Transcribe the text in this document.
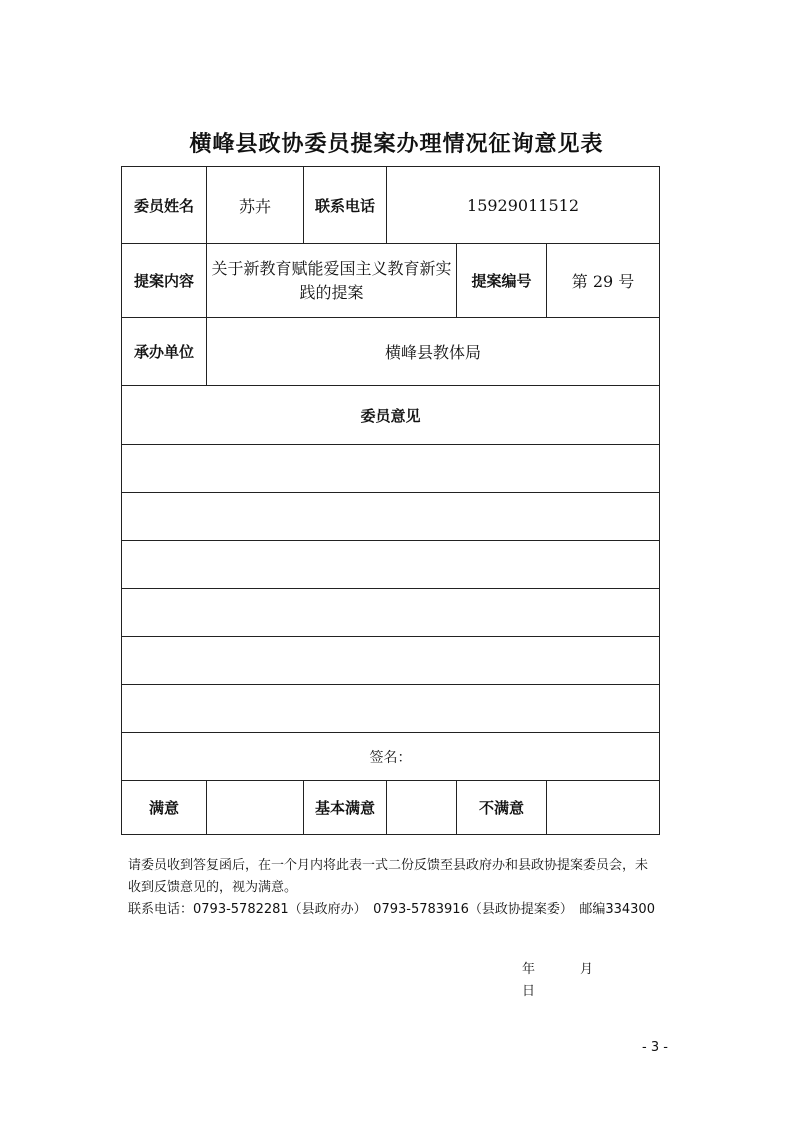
横峰县政协委员提案办理情况征询意见表
委员姓名	苏卉	联系电话	15929011512		
提案内容	关于新教育赋能爱国主义教育新实践的提案			提案编号	第 29 号
承办单位	横峰县教体局				
委员意见					

签名：					
满意		基本满意		不满意	
请委员收到答复函后，在一个月内将此表一式二份反馈至县政府办和县政协提案委员会，未收到反馈意见的，视为满意。
联系电话：0793-5782281（县政府办）　0793-5783916（县政协提案委）　邮编334300
年	月
日
- 3 -
